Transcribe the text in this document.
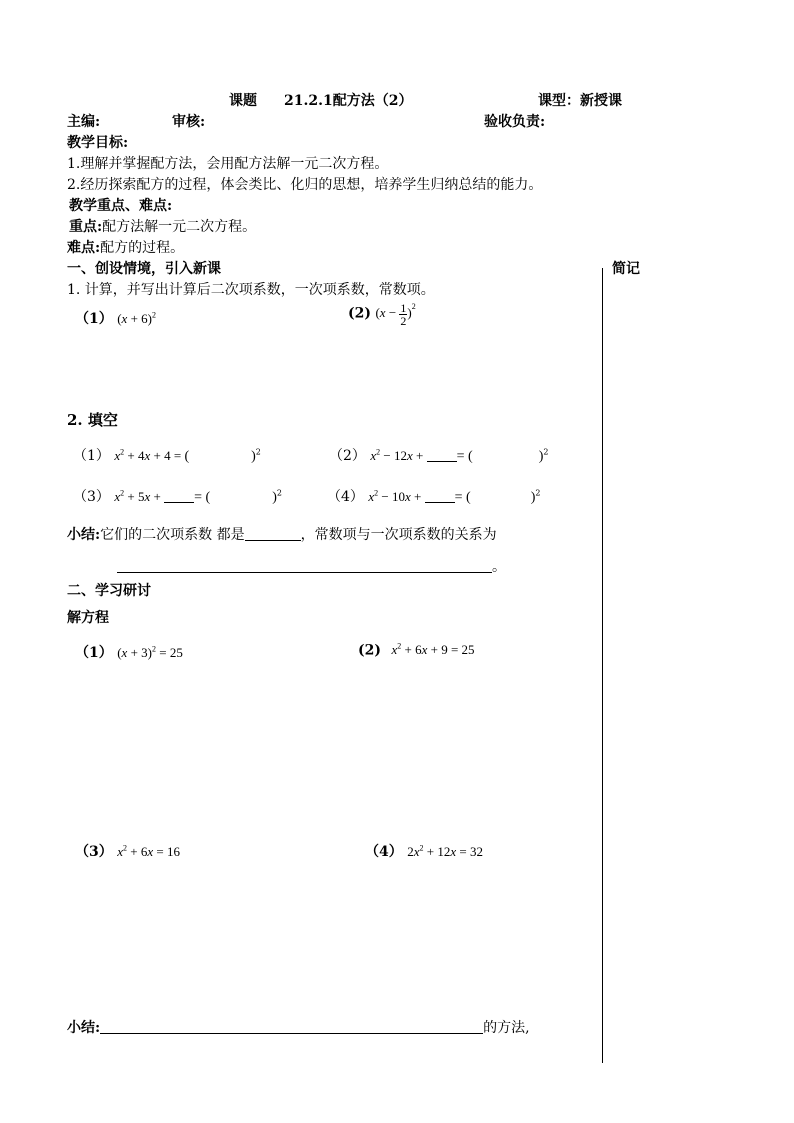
课题 21.2.1配方法（2）	课型：新授课
主编:	审核:	验收负责:
教学目标:
1.理解并掌握配方法，会用配方法解一元二次方程。
2.经历探索配方的过程，体会类比、化归的思想，培养学生归纳总结的能力。
教学重点、难点:
重点:配方法解一元二次方程。
难点:配方的过程。
简记
一、创设情境，引入新课
1. 计算，并写出计算后二次项系数，一次项系数，常数项。
（1） $(x + 6)^2$	(2) $(x - \frac{1}{2} )^2$
2. 填空
（1） $x^2 + 4x + 4$ = (	)$^2$	（2） $x^2 - 12x$ + = (	)$^2$
（3） $x^2 + 5x$ + = (	)$^2$	（4） $x^2 - 10x$ + = (	)$^2$
小结:它们的二次项系数 都是	，常数项与一次项系数的关系为
。
二、学习研讨
解方程
（1） $(x + 3)^2 = 25$	(2) $x^2 + 6x + 9 = 25$
（3） $x^2 + 6x = 16$	（4） $2x^2 + 12x = 32$
小结:	的方法,
